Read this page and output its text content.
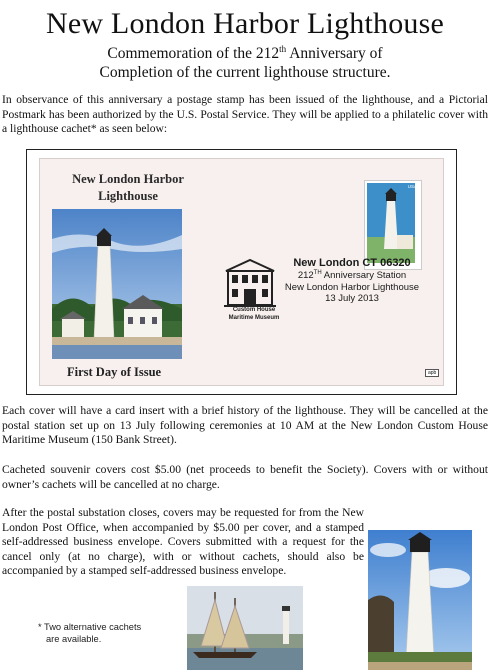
New London Harbor Lighthouse
Commemoration of the 212th Anniversary of
Completion of the current lighthouse structure.
In observance of this anniversary a postage stamp has been issued of the lighthouse, and a Pictorial Postmark has been authorized by the U.S. Postal Service. They will be applied to a philatelic cover with a lighthouse cachet* as seen below:
New London Harbor
Lighthouse
First Day of Issue
USA
Custom House
Maritime Museum
New London CT 06320
212TH Anniversary Station
New London Harbor Lighthouse
13 July 2013
apb
Each cover will have a card insert with a brief history of the lighthouse. They will be cancelled at the postal station set up on 13 July following ceremonies at 10 AM at the New London Custom House Maritime Museum (150 Bank Street).
Cacheted souvenir covers cost $5.00 (net proceeds to benefit the Society). Covers with or without owner’s cachets will be cancelled at no charge.
After the postal substation closes, covers may be requested for from the New London Post Office, when accompanied by $5.00 per cover, and a stamped self-addressed business envelope. Covers submitted with a request for the cancel only (at no charge), with or without cachets, should also be accompanied by a stamped self-addressed business envelope.
* Two alternative cachets
are available.
